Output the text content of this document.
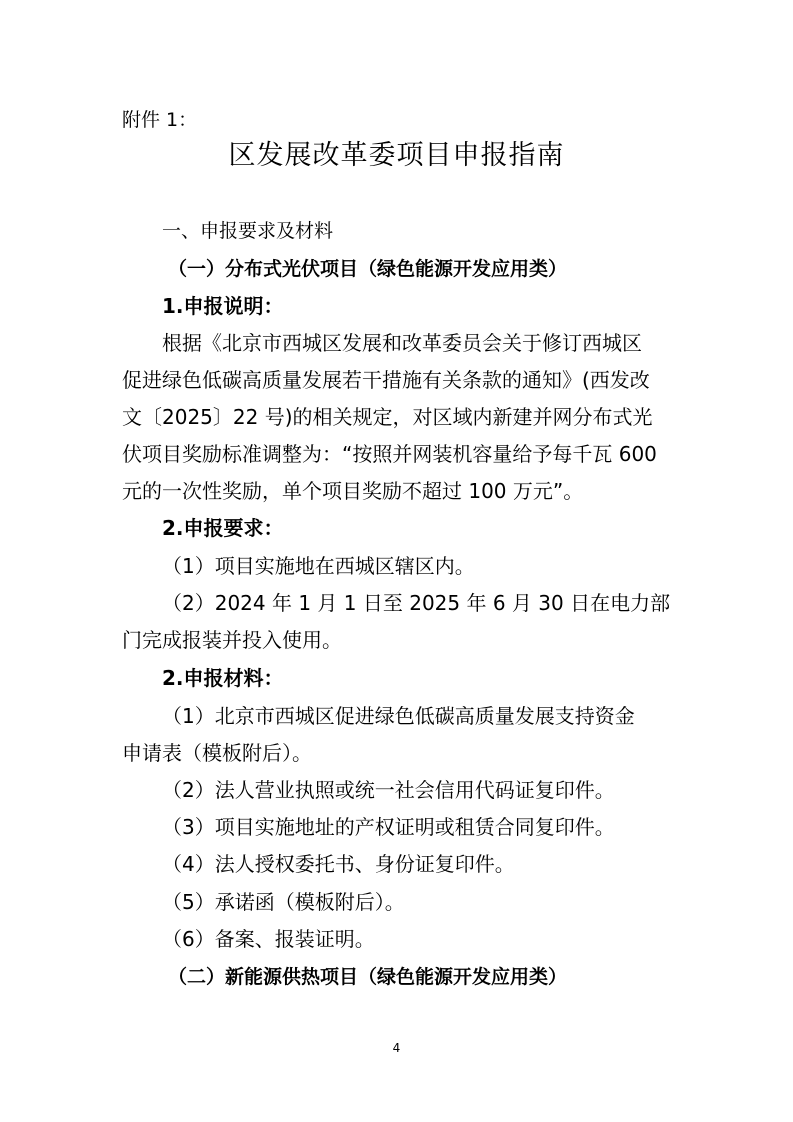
附件 1：
区发展改革委项目申报指南
一、申报要求及材料
（一）分布式光伏项目（绿色能源开发应用类）
1.申报说明：
根据《北京市西城区发展和改革委员会关于修订西城区
促进绿色低碳高质量发展若干措施有关条款的通知》(西发改
文〔2025〕22 号)的相关规定，对区域内新建并网分布式光
伏项目奖励标准调整为：“按照并网装机容量给予每千瓦 600
元的一次性奖励，单个项目奖励不超过 100 万元”。
2.申报要求：
（1）项目实施地在西城区辖区内。
（2）2024 年 1 月 1 日至 2025 年 6 月 30 日在电力部
门完成报装并投入使用。
2.申报材料：
（1）北京市西城区促进绿色低碳高质量发展支持资金
申请表（模板附后）。
（2）法人营业执照或统一社会信用代码证复印件。
（3）项目实施地址的产权证明或租赁合同复印件。
（4）法人授权委托书、身份证复印件。
（5）承诺函（模板附后）。
（6）备案、报装证明。
（二）新能源供热项目（绿色能源开发应用类）
4
